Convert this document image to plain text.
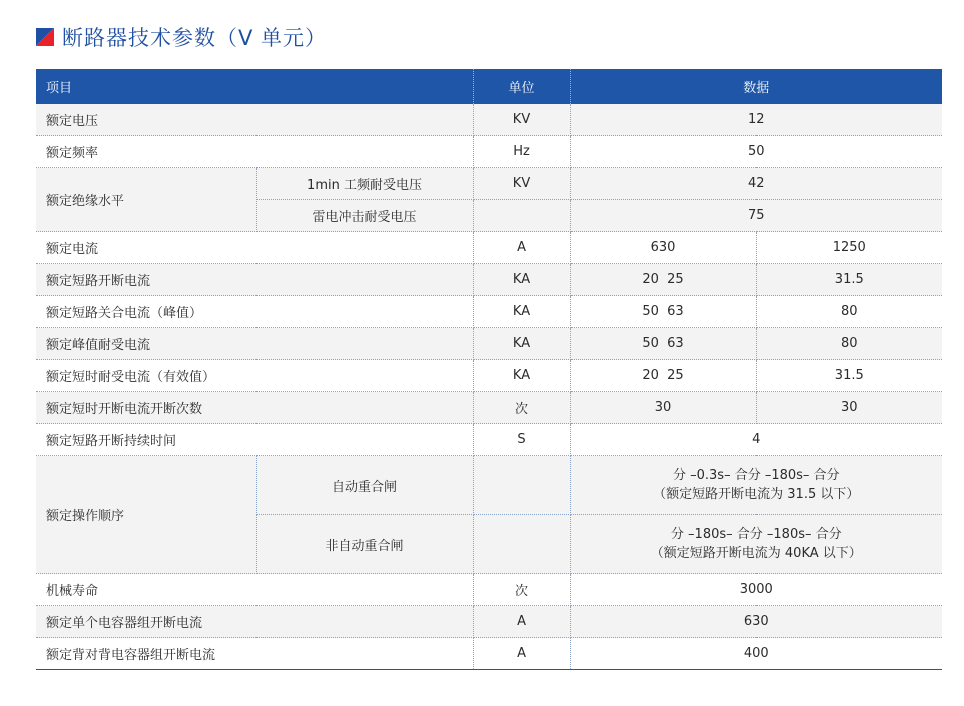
断路器技术参数（V 单元）
项目		单位	数据	
额定电压		KV	12	
额定频率		Hz	50	
额定绝缘水平	1min 工频耐受电压	KV	42	
	雷电冲击耐受电压		75	
额定电流		A	630	1250
额定短路开断电流		KA	20  25	31.5
额定短路关合电流（峰值）		KA	50  63	80
额定峰值耐受电流		KA	50  63	80
额定短时耐受电流（有效值）		KA	20  25	31.5
额定短时开断电流开断次数		次	30	30
额定短路开断持续时间		S	4	
额定操作顺序	自动重合闸		分 –0.3s– 合分 –180s– 合分
（额定短路开断电流为 31.5 以下）	

	非自动重合闸		分 –180s– 合分 –180s– 合分
（额定短路开断电流为 40KA 以下）	

机械寿命		次	3000	
额定单个电容器组开断电流		A	630	
额定背对背电容器组开断电流		A	400	
